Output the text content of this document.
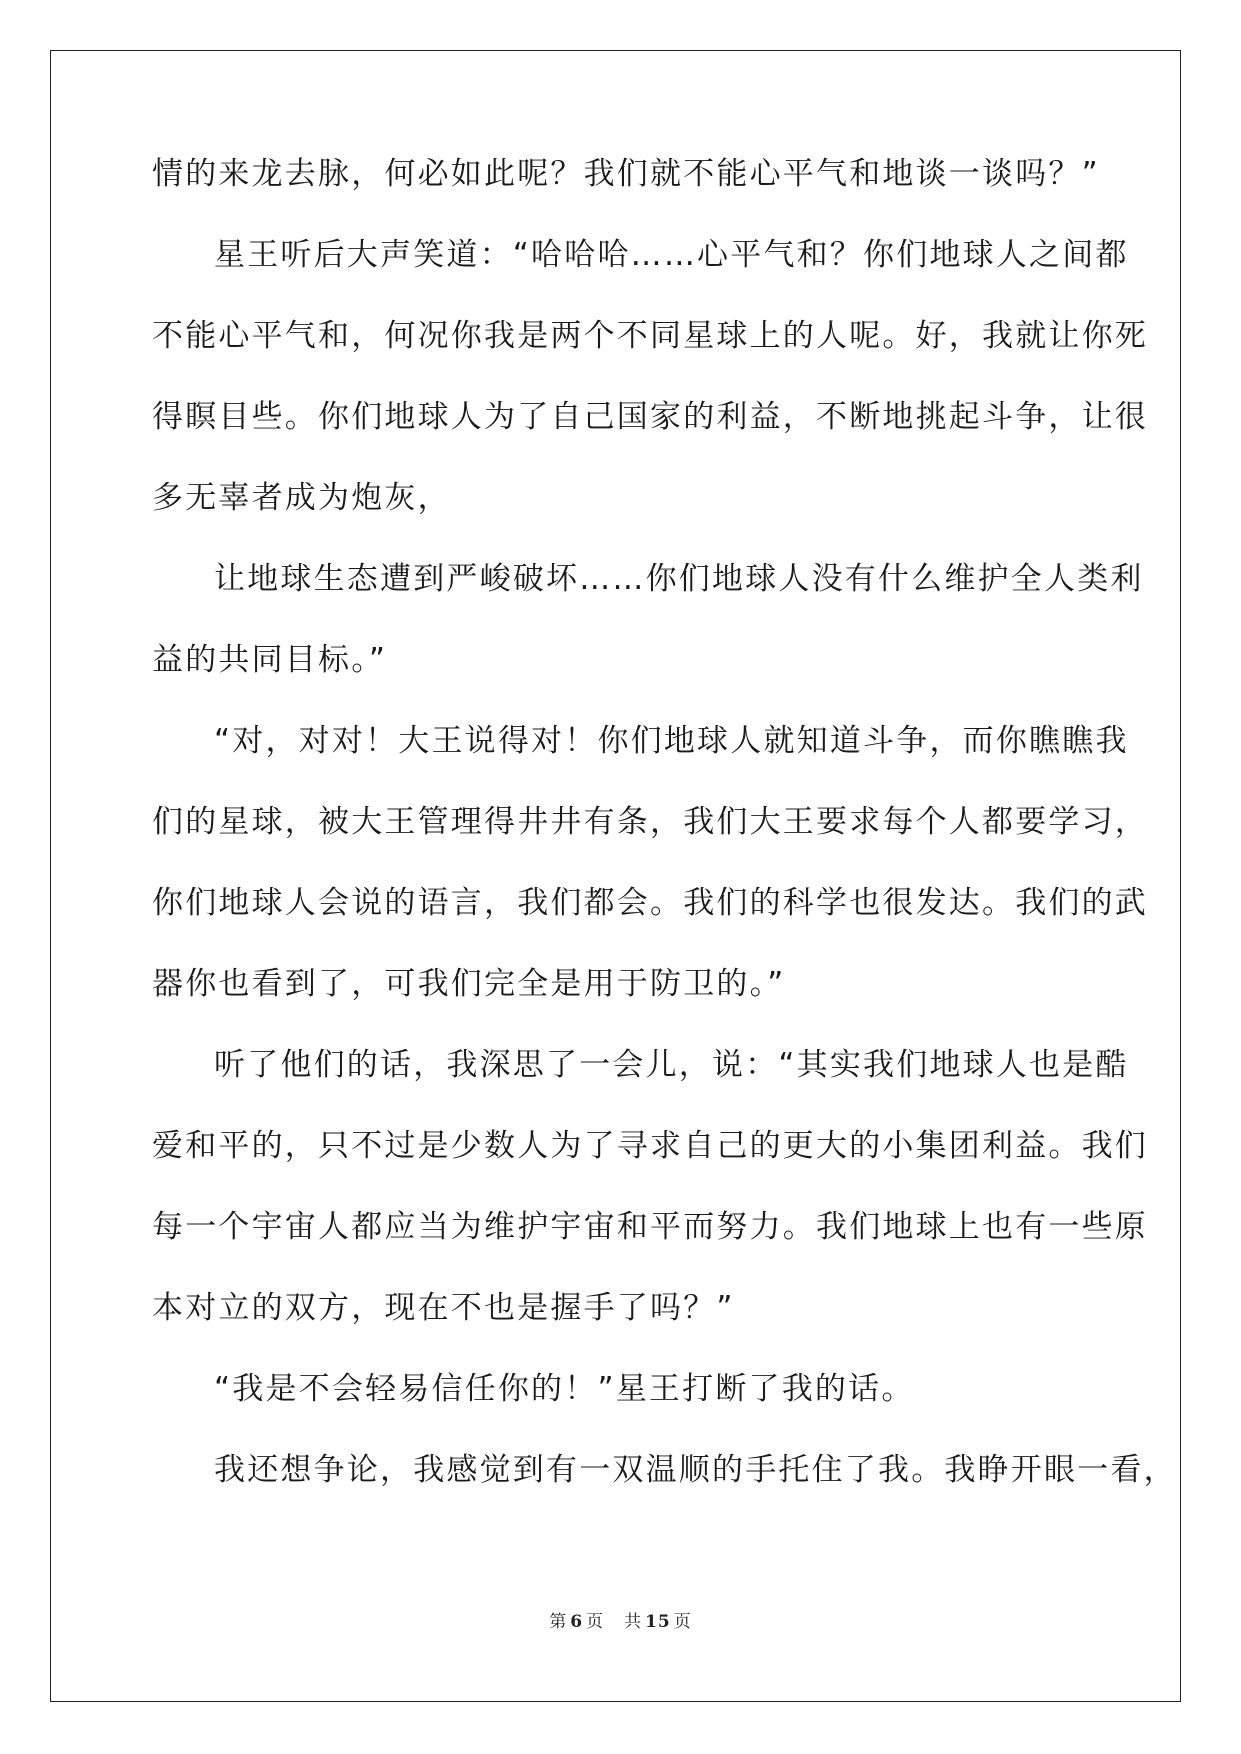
情的来龙去脉，何必如此呢？我们就不能心平气和地谈一谈吗？”
星王听后大声笑道：“哈哈哈……心平气和？你们地球人之间都
不能心平气和，何况你我是两个不同星球上的人呢。好，我就让你死
得瞑目些。你们地球人为了自己国家的利益，不断地挑起斗争，让很
多无辜者成为炮灰，
让地球生态遭到严峻破坏……你们地球人没有什么维护全人类利
益的共同目标。”
“对，对对！大王说得对！你们地球人就知道斗争，而你瞧瞧我
们的星球，被大王管理得井井有条，我们大王要求每个人都要学习，
你们地球人会说的语言，我们都会。我们的科学也很发达。我们的武
器你也看到了，可我们完全是用于防卫的。”
听了他们的话，我深思了一会儿，说：“其实我们地球人也是酷
爱和平的，只不过是少数人为了寻求自己的更大的小集团利益。我们
每一个宇宙人都应当为维护宇宙和平而努力。我们地球上也有一些原
本对立的双方，现在不也是握手了吗？”
“我是不会轻易信任你的！”星王打断了我的话。
我还想争论，我感觉到有一双温顺的手托住了我。我睁开眼一看，
第 6 页 共 15 页
